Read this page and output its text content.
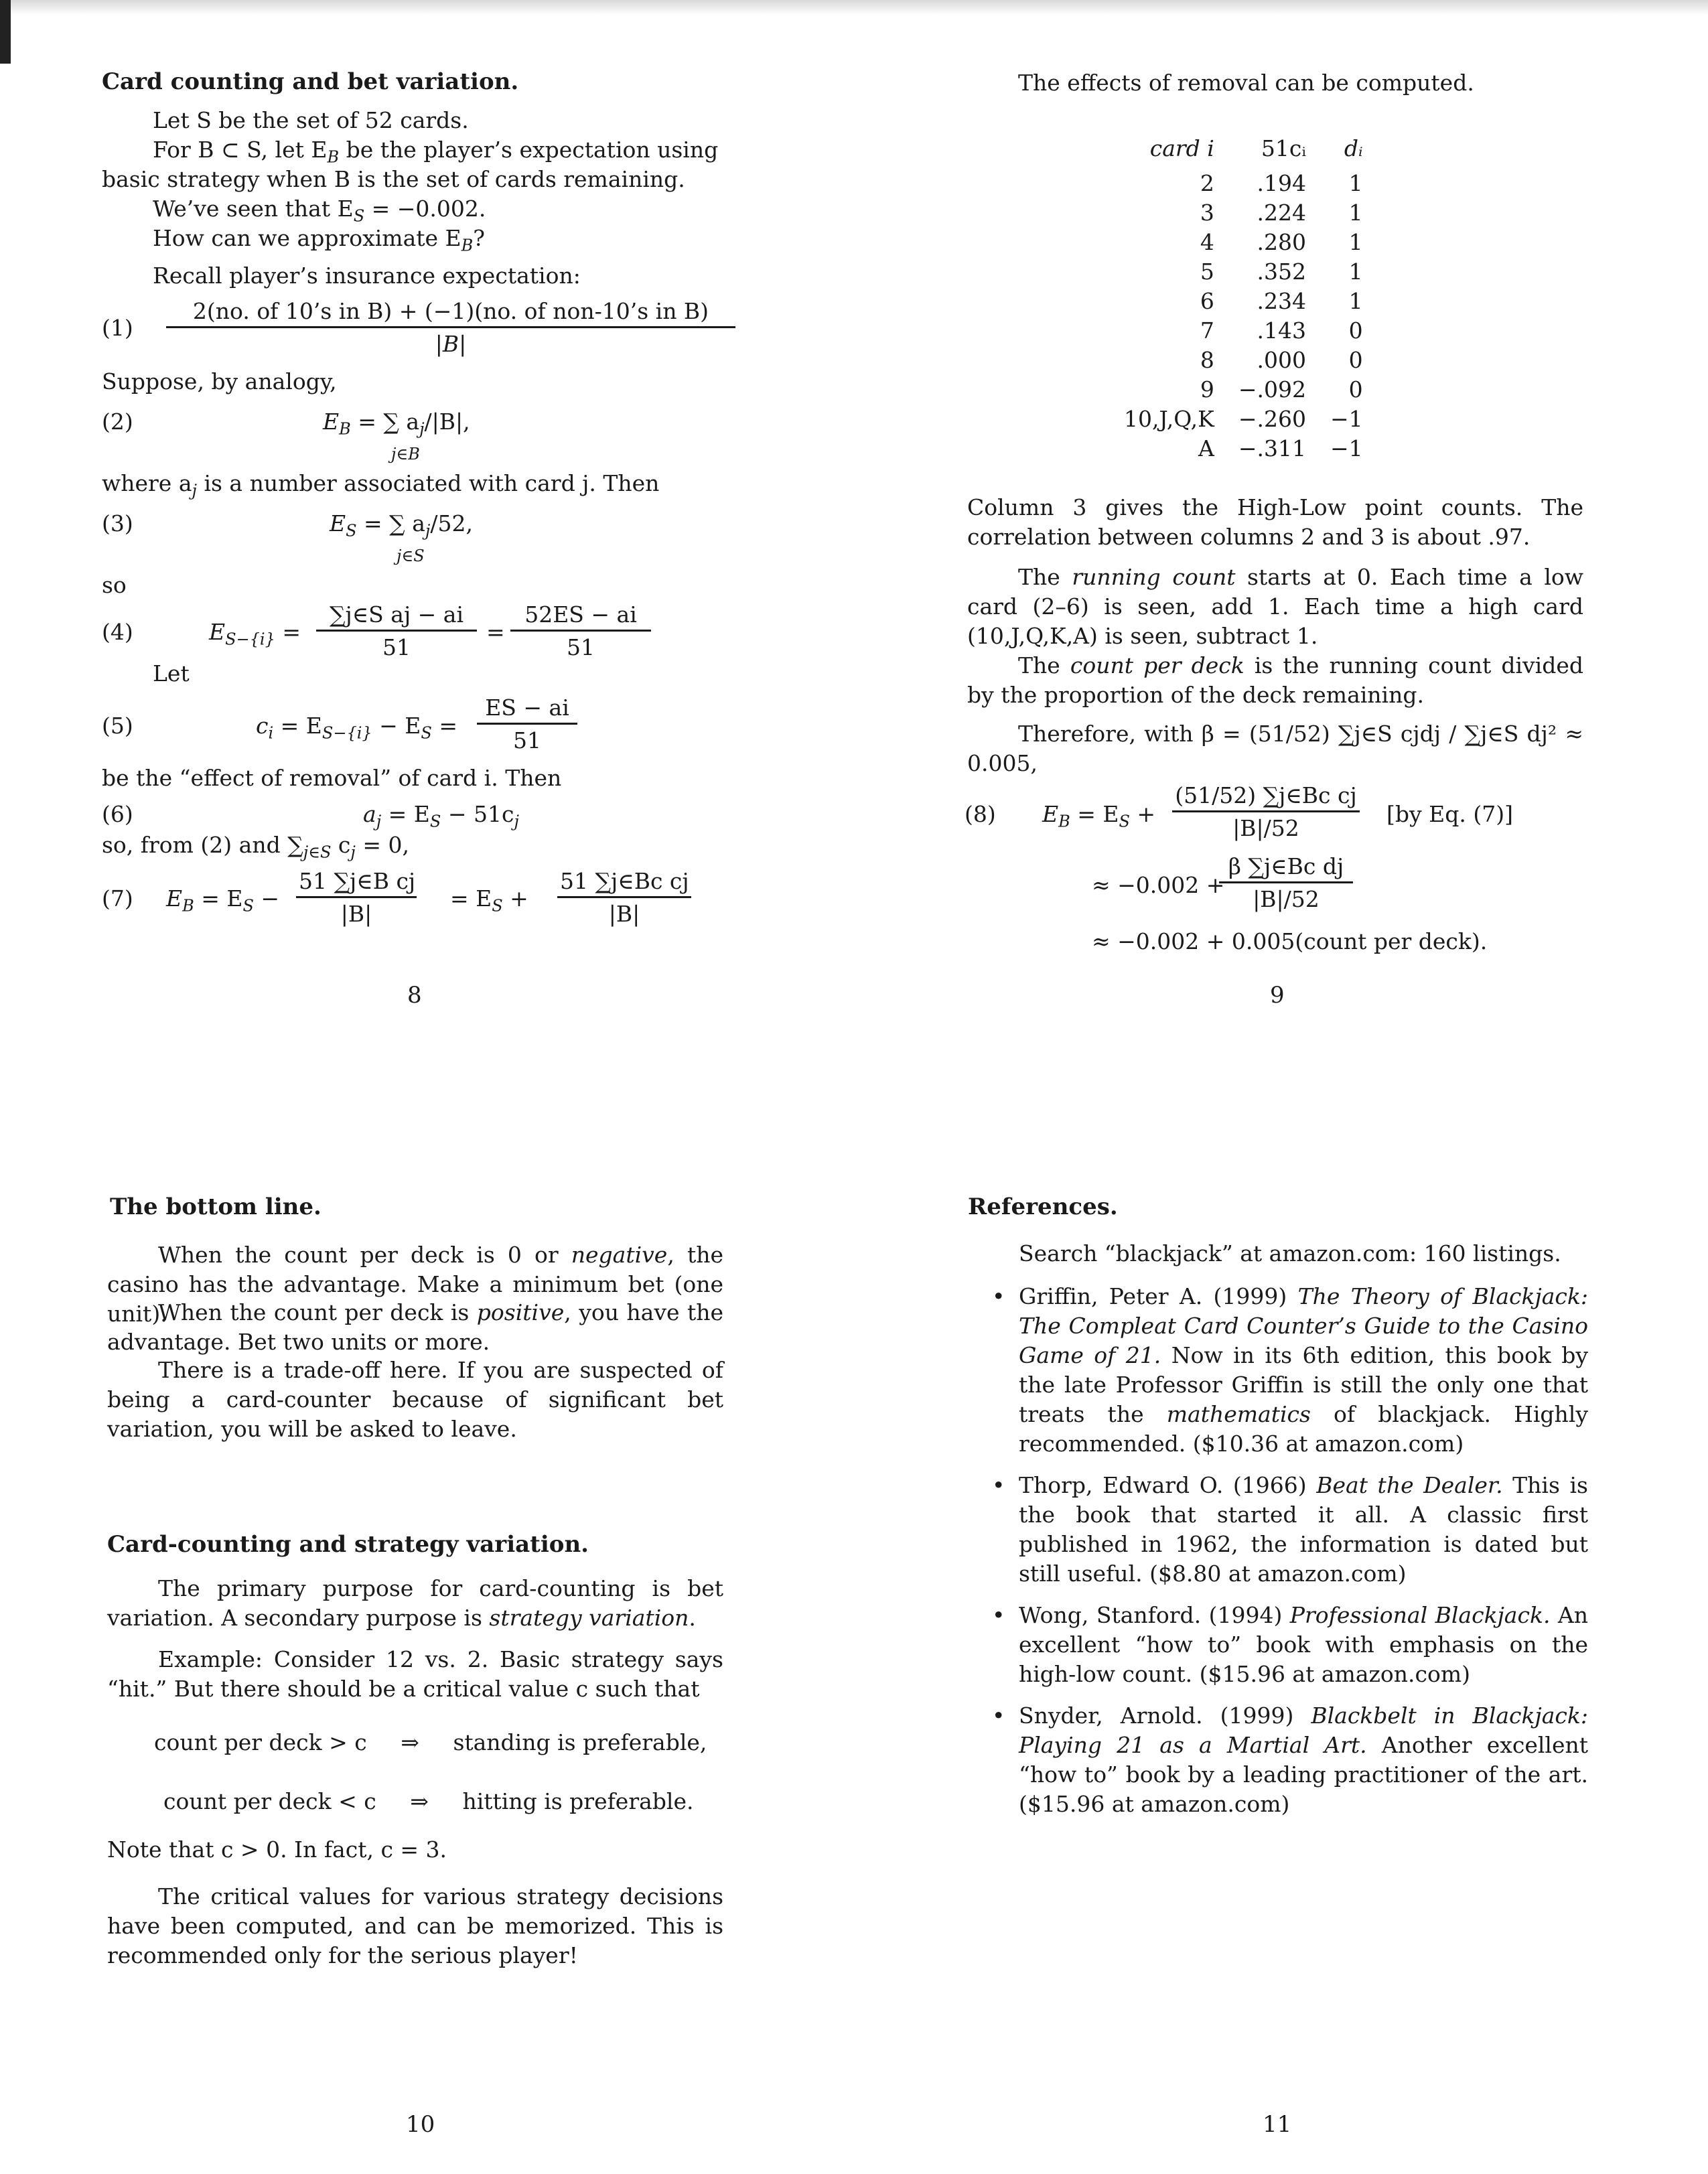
Card counting and bet variation.
Let S be the set of 52 cards.
For B ⊂ S, let $E_B$ be the player’s expectation using
basic strategy when B is the set of cards remaining.
We’ve seen that $E_S = -0.002$.
How can we approximate $E_B$?
Recall player’s insurance expectation:
(1)
2(no. of 10’s in B) + (−1)(no. of non-10’s in B)
|B|
Suppose, by analogy,
(2)	$E_B$ = ∑ $a_j/|B|$,
j∈B
where $a_j$ is a number associated with card j. Then
(3)	$E_S$ = ∑ $a_j/52$,
j∈S
so
(4)	$E_{S-\{i\}} = \frac{\text{∑j∈S aj − ai}}{51} = \frac{52ES - ai}{51}$
Let
(5)	$c_i = E_{S-\{i\}} - E_S = \frac{ES - ai}{51}$
be the “effect of removal” of card i. Then
(6)	$a_j = E_S - 51c_j$
so, from (2) and $\sum_{j\in S}$ $c_j = 0$,
(7) $E_B = E_S - \frac{\text{51 ∑j∈B cj}}{|B|} = E_S + \frac{\text{51 ∑j∈Bc cj}}{|B|}$
8
The effects of removal can be computed.
card i	51cᵢ	dᵢ
2	.194	1
3	.224	1
4	.280	1
5	.352	1
6	.234	1
7	.143	0
8	.000	0
9	−.092	0
10,J,Q,K	−.260	−1
A	−.311	−1
Column 3 gives the High-Low point counts. The correlation between columns 2 and 3 is about .97.
The running count starts at 0. Each time a low card (2–6) is seen, add 1. Each time a high card (10,J,Q,K,A) is seen, subtract 1.
The count per deck is the running count divided by the proportion of the deck remaining.
Therefore, with β = (51/52) ∑j∈S cjdj / ∑j∈S dj² ≈ 0.005,
(8) $E_B = E_S + \frac{\text{(51/52) ∑j∈Bc cj}}{|B|/52} [by$ Eq. (7)]
≈ −0.002 +
$\frac{\text{β ∑j∈Bc dj}}{|B|/52}$
≈ −0.002 + 0.005(count per deck).
9
The bottom line.
When the count per deck is 0 or negative, the casino has the advantage. Make a minimum bet (one unit).
When the count per deck is positive, you have the advantage. Bet two units or more.
There is a trade-off here. If you are suspected of being a card-counter because of significant bet variation, you will be asked to leave.
Card-counting and strategy variation.
The primary purpose for card-counting is bet variation. A secondary purpose is strategy variation.
Example: Consider 12 vs. 2. Basic strategy says “hit.” But there should be a critical value c such that
count per deck > c ⇒ standing is preferable,
count per deck < c ⇒ hitting is preferable.
Note that c > 0. In fact, c = 3.
The critical values for various strategy decisions have been computed, and can be memorized. This is recommended only for the serious player!
10
References.
Search “blackjack” at amazon.com: 160 listings.
• Griffin, Peter A. (1999) The Theory of Blackjack: The Compleat Card Counter’s Guide to the Casino Game of 21. Now in its 6th edition, this book by the late Professor Griffin is still the only one that treats the mathematics of blackjack. Highly recommended. ($10.36 at amazon.com)
• Thorp, Edward O. (1966) Beat the Dealer. This is the book that started it all. A classic first published in 1962, the information is dated but still useful. ($8.80 at amazon.com)
• Wong, Stanford. (1994) Professional Blackjack. An excellent “how to” book with emphasis on the high-low count. ($15.96 at amazon.com)
• Snyder, Arnold. (1999) Blackbelt in Blackjack: Playing 21 as a Martial Art. Another excellent “how to” book by a leading practitioner of the art. ($15.96 at amazon.com)
11
